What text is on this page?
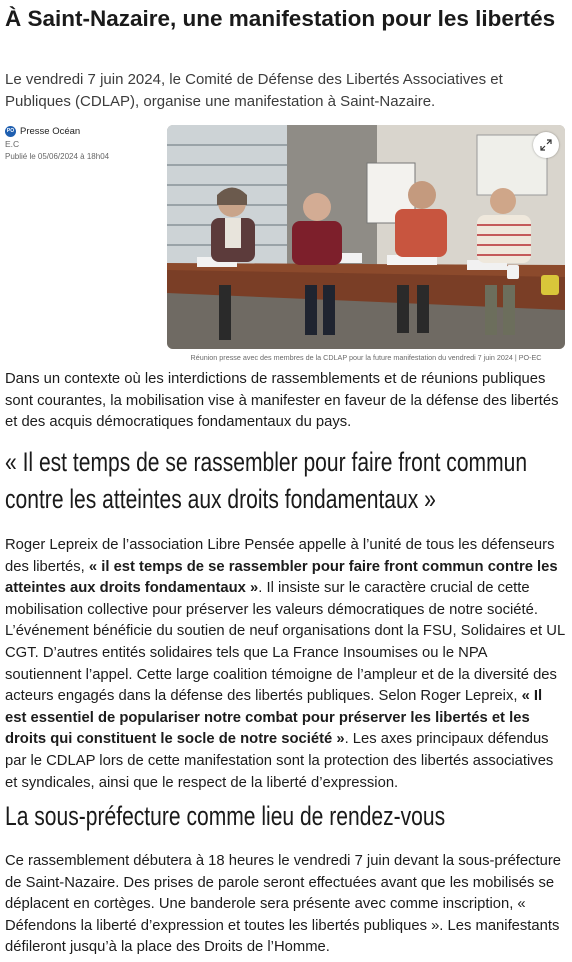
À Saint-Nazaire, une manifestation pour les libertés

Le vendredi 7 juin 2024, le Comité de Défense des Libertés Associatives et Publiques (CDLAP), organise une manifestation à Saint-Nazaire.

PO Presse Océan
E.C
Publié le 05/06/2024 à 18h04

Réunion presse avec des membres de la CDLAP pour la future manifestation du vendredi 7 juin 2024 | PO-EC

Dans un contexte où les interdictions de rassemblements et de réunions publiques sont courantes, la mobilisation vise à manifester en faveur de la défense des libertés et des acquis démocratiques fondamentaux du pays.

« Il est temps de se rassembler pour faire front commun
contre les atteintes aux droits fondamentaux »

Roger Lepreix de l’association Libre Pensée appelle à l’unité de tous les défenseurs des libertés, « il est temps de se rassembler pour faire front commun contre les atteintes aux droits fondamentaux ». Il insiste sur le caractère crucial de cette mobilisation collective pour préserver les valeurs démocratiques de notre société. L’événement bénéficie du soutien de neuf organisations dont la FSU, Solidaires et UL CGT. D’autres entités solidaires tels que La France Insoumises ou le NPA soutiennent l’appel. Cette large coalition témoigne de l’ampleur et de la diversité des acteurs engagés dans la défense des libertés publiques. Selon Roger Lepreix, « Il est essentiel de populariser notre combat pour préserver les libertés et les droits qui constituent le socle de notre société ». Les axes principaux défendus par le CDLAP lors de cette manifestation sont la protection des libertés associatives et syndicales, ainsi que le respect de la liberté d’expression.

La sous-préfecture comme lieu de rendez-vous

Ce rassemblement débutera à 18 heures le vendredi 7 juin devant la sous-préfecture de Saint-Nazaire. Des prises de parole seront effectuées avant que les mobilisés se déplacent en cortèges. Une banderole sera présente avec comme inscription, « Défendons la liberté d’expression et toutes les libertés publiques ». Les manifestants défileront jusqu’à la place des Droits de l’Homme.
